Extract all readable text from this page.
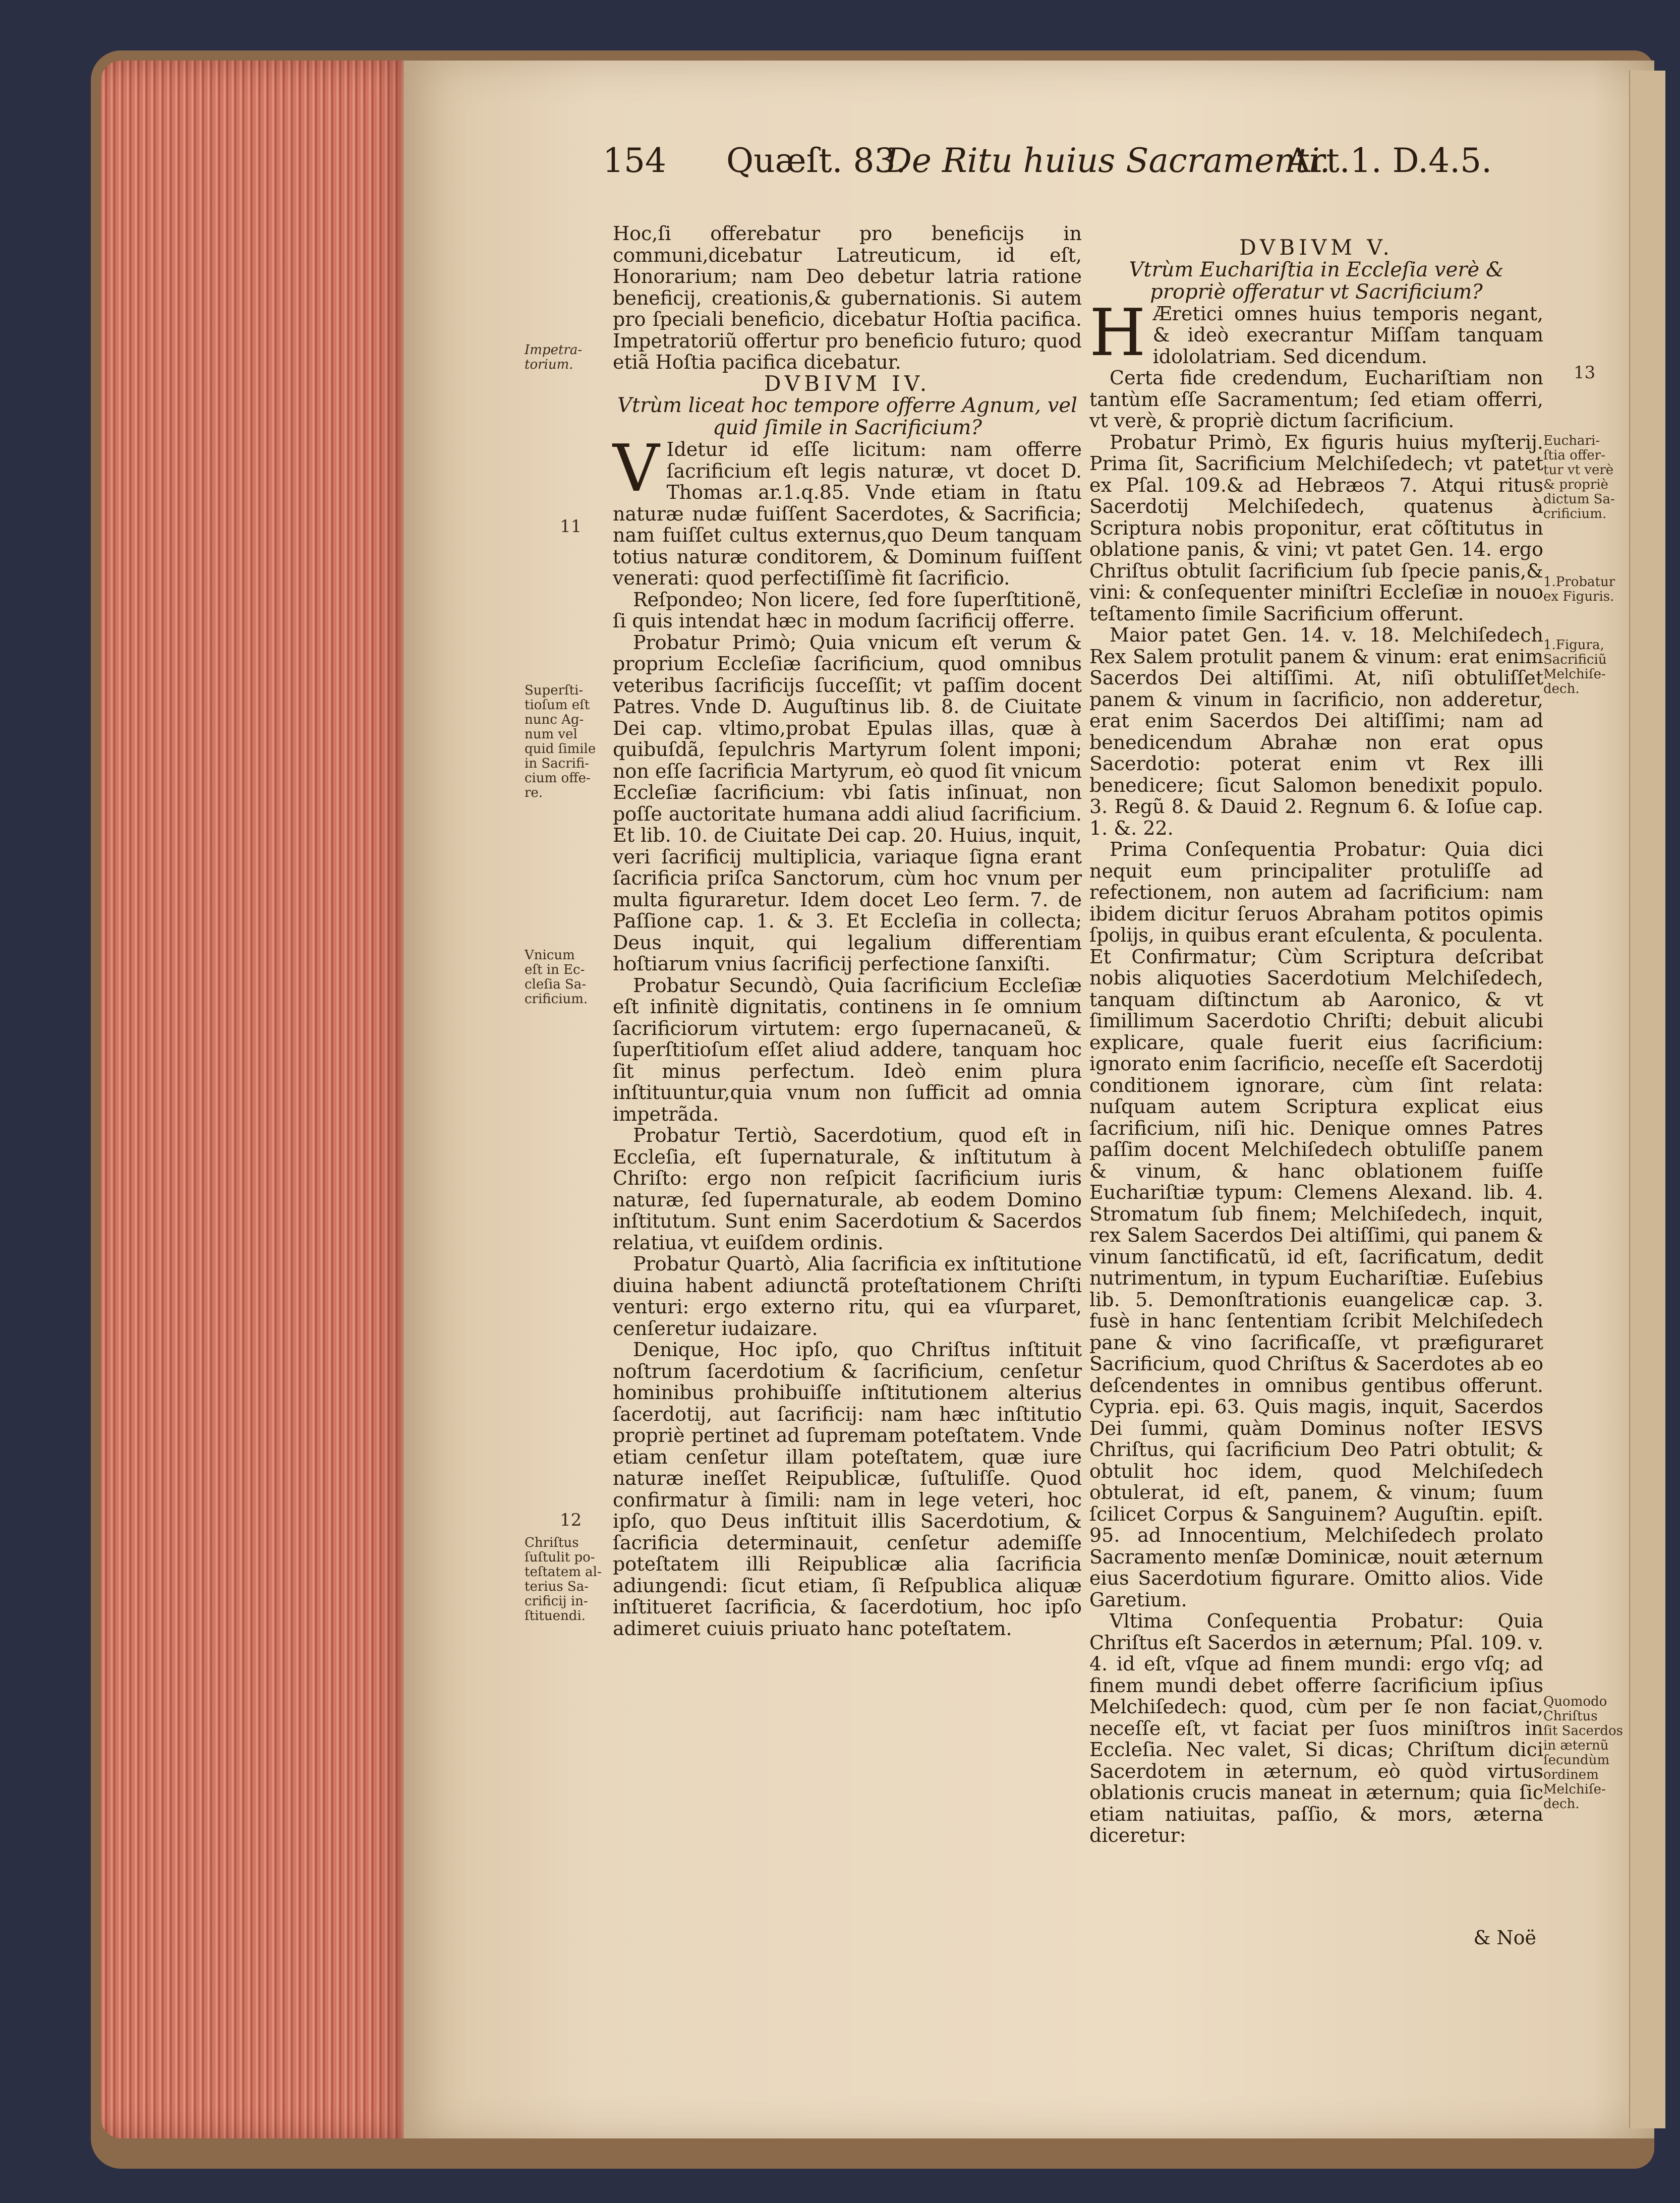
154 Quæſt. 83.
De Ritu huius Sacramenti.
Art.1. D.4.5.

Hoc,ſi offerebatur pro beneficijs in communi,dicebatur Latreuticum, id eſt, Honorarium; nam Deo debetur latria ratione beneficij, creationis,& gubernationis. Si autem pro ſpeciali beneficio, dicebatur Hoſtia pacifica. Impetratoriũ offertur pro beneficio futuro; quod etiã Hoſtia pacifica dicebatur.

DVBIVM IV.

Vtrùm liceat hoc tempore offerre Agnum, vel quid ſimile in Sacrificium?

V Idetur id eſſe licitum: nam offerre ſacrificium eſt legis naturæ, vt docet D. Thomas ar.1.q.85. Vnde etiam in ſtatu naturæ nudæ fuiſſent Sacerdotes, & Sacrificia; nam fuiſſet cultus externus,quo Deum tanquam totius naturæ conditorem, & Dominum fuiſſent venerati: quod perfectiſſimè fit ſacrificio.

Reſpondeo; Non licere, ſed fore ſuperſtitionẽ, ſi quis intendat hæc in modum ſacrificij offerre.

Probatur Primò; Quia vnicum eſt verum & proprium Eccleſiæ ſacrificium, quod omnibus veteribus ſacrificijs ſucceſſit; vt paſſim docent Patres. Vnde D. Auguſtinus lib. 8. de Ciuitate Dei cap. vltimo,probat Epulas illas, quæ à quibuſdã, ſepulchris Martyrum ſolent imponi; non eſſe ſacrificia Martyrum, eò quod ſit vnicum Eccleſiæ ſacrificium: vbi ſatis inſinuat, non poſſe auctoritate humana addi aliud ſacrificium. Et lib. 10. de Ciuitate Dei cap. 20. Huius, inquit, veri ſacrificij multiplicia, variaque ſigna erant ſacrificia priſca Sanctorum, cùm hoc vnum per multa figuraretur. Idem docet Leo ſerm. 7. de Paſſione cap. 1. & 3. Et Eccleſia in collecta; Deus inquit, qui legalium differentiam hoſtiarum vnius ſacrificij perfectione ſanxiſti.

Probatur Secundò, Quia ſacrificium Eccleſiæ eſt infinitè dignitatis, continens in ſe omnium ſacrificiorum virtutem: ergo ſupernacaneũ, & ſuperſtitioſum eſſet aliud addere, tanquam hoc ſit minus perfectum. Ideò enim plura inſtituuntur,quia vnum non ſufficit ad omnia impetrãda.

Probatur Tertiò, Sacerdotium, quod eſt in Eccleſia, eſt ſupernaturale, & inſtitutum à Chriſto: ergo non reſpicit ſacrificium iuris naturæ, ſed ſupernaturale, ab eodem Domino inſtitutum. Sunt enim Sacerdotium & Sacerdos relatiua, vt euiſdem ordinis.

Probatur Quartò, Alia ſacrificia ex inſtitutione diuina habent adiunctã proteſtationem Chriſti venturi: ergo externo ritu, qui ea vſurparet, cenſeretur iudaizare.

Denique, Hoc ipſo, quo Chriſtus inſtituit noſtrum ſacerdotium & ſacrificium, cenſetur hominibus prohibuiſſe inſtitutionem alterius ſacerdotij, aut ſacrificij: nam hæc inſtitutio propriè pertinet ad ſupremam poteſtatem. Vnde etiam cenſetur illam poteſtatem, quæ iure naturæ ineſſet Reipublicæ, ſuſtuliſſe. Quod confirmatur à ſimili: nam in lege veteri, hoc ipſo, quo Deus inſtituit illis Sacerdotium, & ſacrificia determinauit, cenſetur ademiſſe poteſtatem illi Reipublicæ alia ſacrificia adiungendi: ſicut etiam, ſi Reſpublica aliquæ inſtitueret ſacrificia, & ſacerdotium, hoc ipſo adimeret cuiuis priuato hanc poteſtatem.

DVBIVM V.

Vtrùm Euchariſtia in Eccleſia verè & propriè offeratur vt Sacrificium?

H Æretici omnes huius temporis negant, & ideò execrantur Miſſam tanquam idololatriam. Sed dicendum.

Certa fide credendum, Euchariſtiam non tantùm eſſe Sacramentum; ſed etiam offerri, vt verè, & propriè dictum ſacrificium.

Probatur Primò, Ex figuris huius myſterij. Prima ſit, Sacrificium Melchiſedech; vt patet ex Pſal. 109.& ad Hebræos 7. Atqui ritus Sacerdotij Melchiſedech, quatenus à Scriptura nobis proponitur, erat cõſtitutus in oblatione panis, & vini; vt patet Gen. 14. ergo Chriſtus obtulit ſacrificium ſub ſpecie panis,& vini: & conſequenter miniſtri Eccleſiæ in nouo teſtamento ſimile Sacrificium offerunt.

Maior patet Gen. 14. v. 18. Melchiſedech Rex Salem protulit panem & vinum: erat enim Sacerdos Dei altiſſimi. At, niſi obtuliſſet panem & vinum in ſacrificio, non adderetur, erat enim Sacerdos Dei altiſſimi; nam ad benedicendum Abrahæ non erat opus Sacerdotio: poterat enim vt Rex illi benedicere; ſicut Salomon benedixit populo. 3. Regũ 8. & Dauid 2. Regnum 6. & Ioſue cap. 1. &. 22.

Prima Conſequentia Probatur: Quia dici nequit eum principaliter protuliſſe ad refectionem, non autem ad ſacrificium: nam ibidem dicitur ſeruos Abraham potitos opimis ſpolijs, in quibus erant eſculenta, & poculenta. Et Confirmatur; Cùm Scriptura deſcribat nobis aliquoties Sacerdotium Melchiſedech, tanquam diſtinctum ab Aaronico, & vt ſimillimum Sacerdotio Chriſti; debuit alicubi explicare, quale fuerit eius ſacrificium: ignorato enim ſacrificio, neceſſe eſt Sacerdotij conditionem ignorare, cùm ſint relata: nuſquam autem Scriptura explicat eius ſacrificium, niſi hic. Denique omnes Patres paſſim docent Melchiſedech obtuliſſe panem & vinum, & hanc oblationem fuiſſe Euchariſtiæ typum: Clemens Alexand. lib. 4. Stromatum ſub finem; Melchiſedech, inquit, rex Salem Sacerdos Dei altiſſimi, qui panem & vinum ſanctificatũ, id eſt, ſacrificatum, dedit nutrimentum, in typum Euchariſtiæ. Euſebius lib. 5. Demonſtrationis euangelicæ cap. 3. fusè in hanc ſententiam ſcribit Melchiſedech pane & vino ſacrificaſſe, vt præfiguraret Sacrificium, quod Chriſtus & Sacerdotes ab eo deſcendentes in omnibus gentibus offerunt. Cypria. epi. 63. Quis magis, inquit, Sacerdos Dei ſummi, quàm Dominus noſter IESVS Chriſtus, qui ſacrificium Deo Patri obtulit; & obtulit hoc idem, quod Melchiſedech obtulerat, id eſt, panem, & vinum; ſuum ſcilicet Corpus & Sanguinem? Auguſtin. epiſt. 95. ad Innocentium, Melchiſedech prolato Sacramento menſæ Dominicæ, nouit æternum eius Sacerdotium figurare. Omitto alios. Vide Garetium.

Vltima Conſequentia Probatur: Quia Chriſtus eſt Sacerdos in æternum; Pſal. 109. v. 4. id eſt, vſque ad finem mundi: ergo vſq; ad finem mundi debet offerre ſacrificium ipſius Melchiſedech: quod, cùm per ſe non faciat, neceſſe eſt, vt faciat per ſuos miniſtros in Eccleſia. Nec valet, Si dicas; Chriſtum dici Sacerdotem in æternum, eò quòd virtus oblationis crucis maneat in æternum; quia ſic etiam natiuitas, paſſio, & mors, æterna diceretur:

& Noë
Impetra-
torium.
11
Superſti-
tioſum eſt
nunc Ag-
num vel
quid ſimile
in Sacrifi-
cium offe-
re.
Vnicum
eſt in Ec-
cleſia Sa-
crificium.
12
Chriſtus
ſuſtulit po-
teſtatem al-
terius Sa-
crificij in-
ſtituendi.
13
Euchari-
ſtia offer-
tur vt verè
& propriè
dictum Sa-
crificium.
1.Probatur
ex Figuris.
1.Figura,
Sacrificiũ
Melchiſe-
dech.
Quomodo
Chriſtus
ſit Sacerdos
in æternũ
ſecundùm
ordinem
Melchiſe-
dech.
